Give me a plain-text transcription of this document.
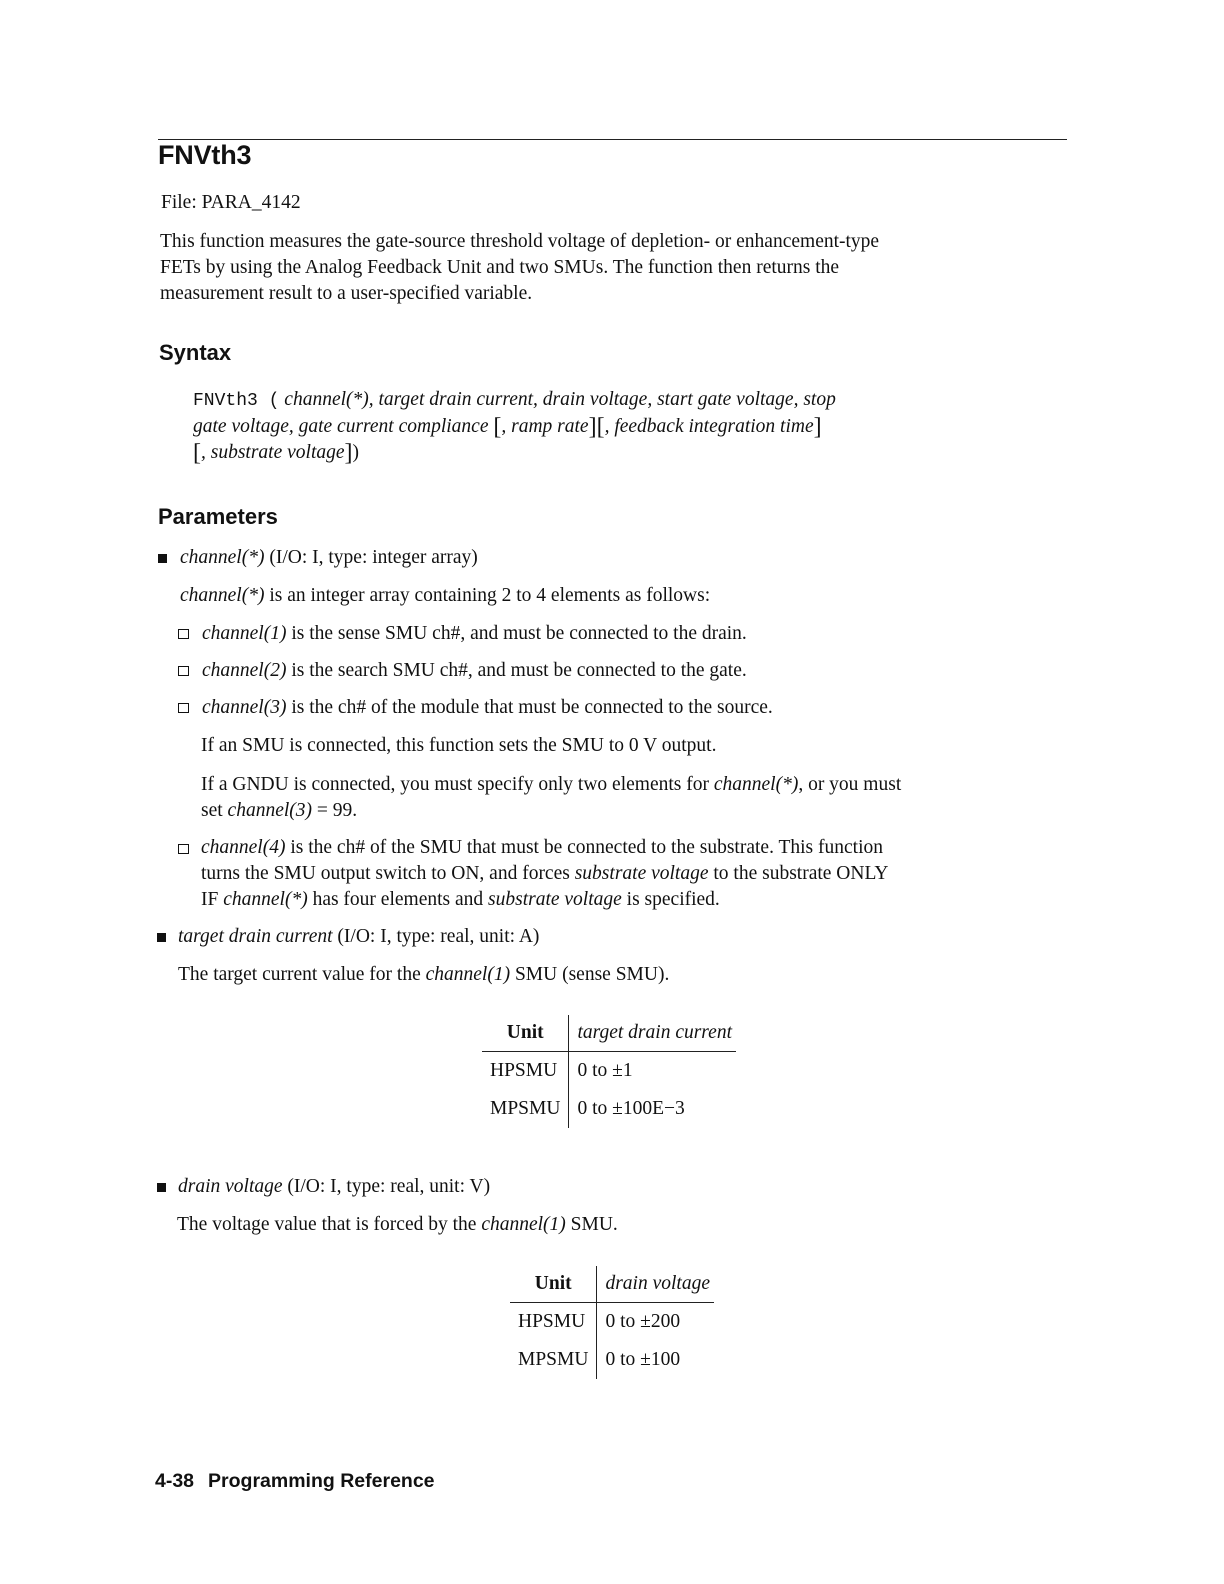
FNVth3

File: PARA_4142

This function measures the gate-source threshold voltage of depletion- or enhancement-type
FETs by using the Analog Feedback Unit and two SMUs. The function then returns the
measurement result to a user-specified variable.
Syntax
FNVth3 ( channel(*), target drain current, drain voltage, start gate voltage, stop
gate voltage, gate current compliance [, ramp rate][, feedback integration time]
[, substrate voltage])
Parameters

channel(*) (I/O: I, type: integer array)

channel(*) is an integer array containing 2 to 4 elements as follows:

channel(1) is the sense SMU ch#, and must be connected to the drain.

channel(2) is the search SMU ch#, and must be connected to the gate.

channel(3) is the ch# of the module that must be connected to the source.

If an SMU is connected, this function sets the SMU to 0 V output.

If a GNDU is connected, you must specify only two elements for channel(*), or you must
set channel(3) = 99.
channel(4) is the ch# of the SMU that must be connected to the substrate. This function
turns the SMU output switch to ON, and forces substrate voltage to the substrate ONLY
IF channel(*) has four elements and substrate voltage is specified.

target drain current (I/O: I, type: real, unit: A)

The target current value for the channel(1) SMU (sense SMU).

Unit	target drain current
HPSMU	0 to ±1
MPSMU	0 to ±100E−3

drain voltage (I/O: I, type: real, unit: V)

The voltage value that is forced by the channel(1) SMU.

Unit	drain voltage
HPSMU	0 to ±200
MPSMU	0 to ±100
4-38 Programming Reference
